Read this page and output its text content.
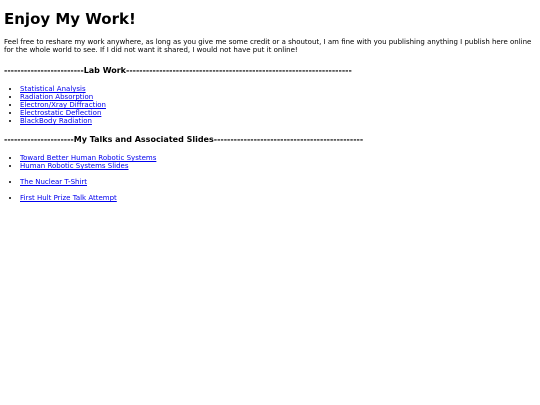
Enjoy My Work!

Feel free to reshare my work anywhere, as long as you give me some credit or a shoutout, I am fine with you publishing anything I publish here online for the whole world to see. If I did not want it shared, I would not have put it online!

------------------------Lab Work--------------------------------------------------------------------
• Statistical Analysis
• Radiation Absorption
• Electron/Xray Diffraction
• Electrostatic Deflection
• BlackBody Radiation
---------------------My Talks and Associated Slides---------------------------------------------
• Toward Better Human Robotic Systems
• Human Robotic Systems Slides
• The Nuclear T-Shirt
• First Hult Prize Talk Attempt
